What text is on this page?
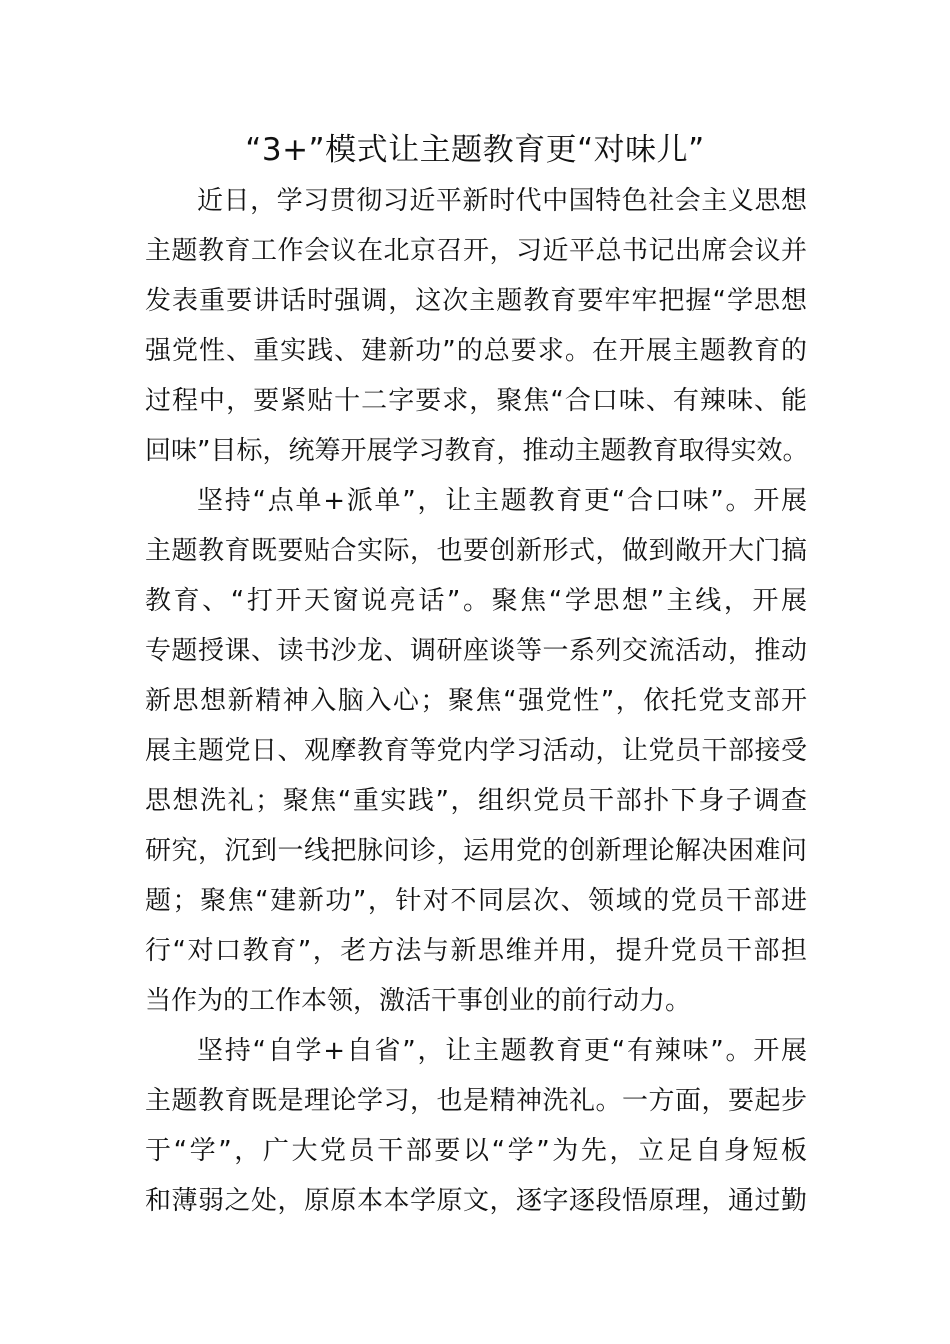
“3+”模式让主题教育更“对味儿”
近日，学习贯彻习近平新时代中国特色社会主义思想
主题教育工作会议在北京召开，习近平总书记出席会议并
发表重要讲话时强调，这次主题教育要牢牢把握“学思想
强党性、重实践、建新功”的总要求。在开展主题教育的
过程中，要紧贴十二字要求，聚焦“合口味、有辣味、能
回味”目标，统筹开展学习教育，推动主题教育取得实效。
坚持“点单+派单”，让主题教育更“合口味”。开展
主题教育既要贴合实际，也要创新形式，做到敞开大门搞
教育、“打开天窗说亮话”。聚焦“学思想”主线，开展
专题授课、读书沙龙、调研座谈等一系列交流活动，推动
新思想新精神入脑入心；聚焦“强党性”，依托党支部开
展主题党日、观摩教育等党内学习活动，让党员干部接受
思想洗礼；聚焦“重实践”，组织党员干部扑下身子调查
研究，沉到一线把脉问诊，运用党的创新理论解决困难问
题；聚焦“建新功”，针对不同层次、领域的党员干部进
行“对口教育”，老方法与新思维并用，提升党员干部担
当作为的工作本领，激活干事创业的前行动力。
坚持“自学+自省”，让主题教育更“有辣味”。开展
主题教育既是理论学习，也是精神洗礼。一方面，要起步
于“学”，广大党员干部要以“学”为先，立足自身短板
和薄弱之处，原原本本学原文，逐字逐段悟原理，通过勤
